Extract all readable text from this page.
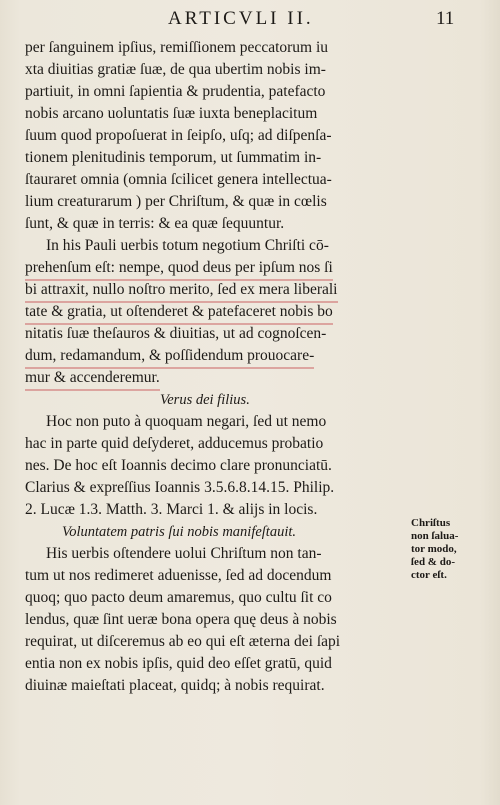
ARTICVLI II.	11
per ſanguinem ipſius, remiſſionem peccatorum iu
xta diuitias gratiæ ſuæ, de qua ubertim nobis im-
partiuit, in omni ſapientia & prudentia, patefacto
nobis arcano uoluntatis ſuæ iuxta beneplacitum
ſuum quod propoſuerat in ſeipſo, uſq; ad diſpenſa-
tionem plenitudinis temporum, ut ſummatim in-
ſtauraret omnia (omnia ſcilicet genera intellectua-
lium creaturarum ) per Chriſtum, & quæ in cœlis
ſunt, & quæ in terris: & ea quæ ſequuntur.
In his Pauli uerbis totum negotium Chriſti cō-
prehenſum eſt: nempe, quod deus per ipſum nos ſi
bi attraxit, nullo noſtro merito, ſed ex mera liberali
tate & gratia, ut oſtenderet & patefaceret nobis bo
nitatis ſuæ theſauros & diuitias, ut ad cognoſcen-
dum, redamandum, & poſſidendum prouocare-
mur & accenderemur.
Verus dei filius.
Hoc non puto à quoquam negari, ſed ut nemo
hac in parte quid deſyderet, adducemus probatio
nes. De hoc eſt Ioannis decimo clare pronunciatū.
Clarius & expreſſius Ioannis 3.5.6.8.14.15. Philip.
2. Lucæ 1.3. Matth. 3. Marci 1. & alijs in locis.
Voluntatem patris ſui nobis manifeſtauit.
His uerbis oſtendere uolui Chriſtum non tan-
tum ut nos redimeret aduenisse, ſed ad docendum
quoq; quo pacto deum amaremus, quo cultu ſit co
lendus, quæ ſint ueræ bona opera quę deus à nobis
requirat, ut diſceremus ab eo qui eſt æterna dei ſapi
entia non ex nobis ipſis, quid deo eſſet gratū, quid
diuinæ maieſtati placeat, quidq; à nobis requirat.
Chriſtus
non ſalua-
tor modo,
ſed & do-
ctor eſt.
